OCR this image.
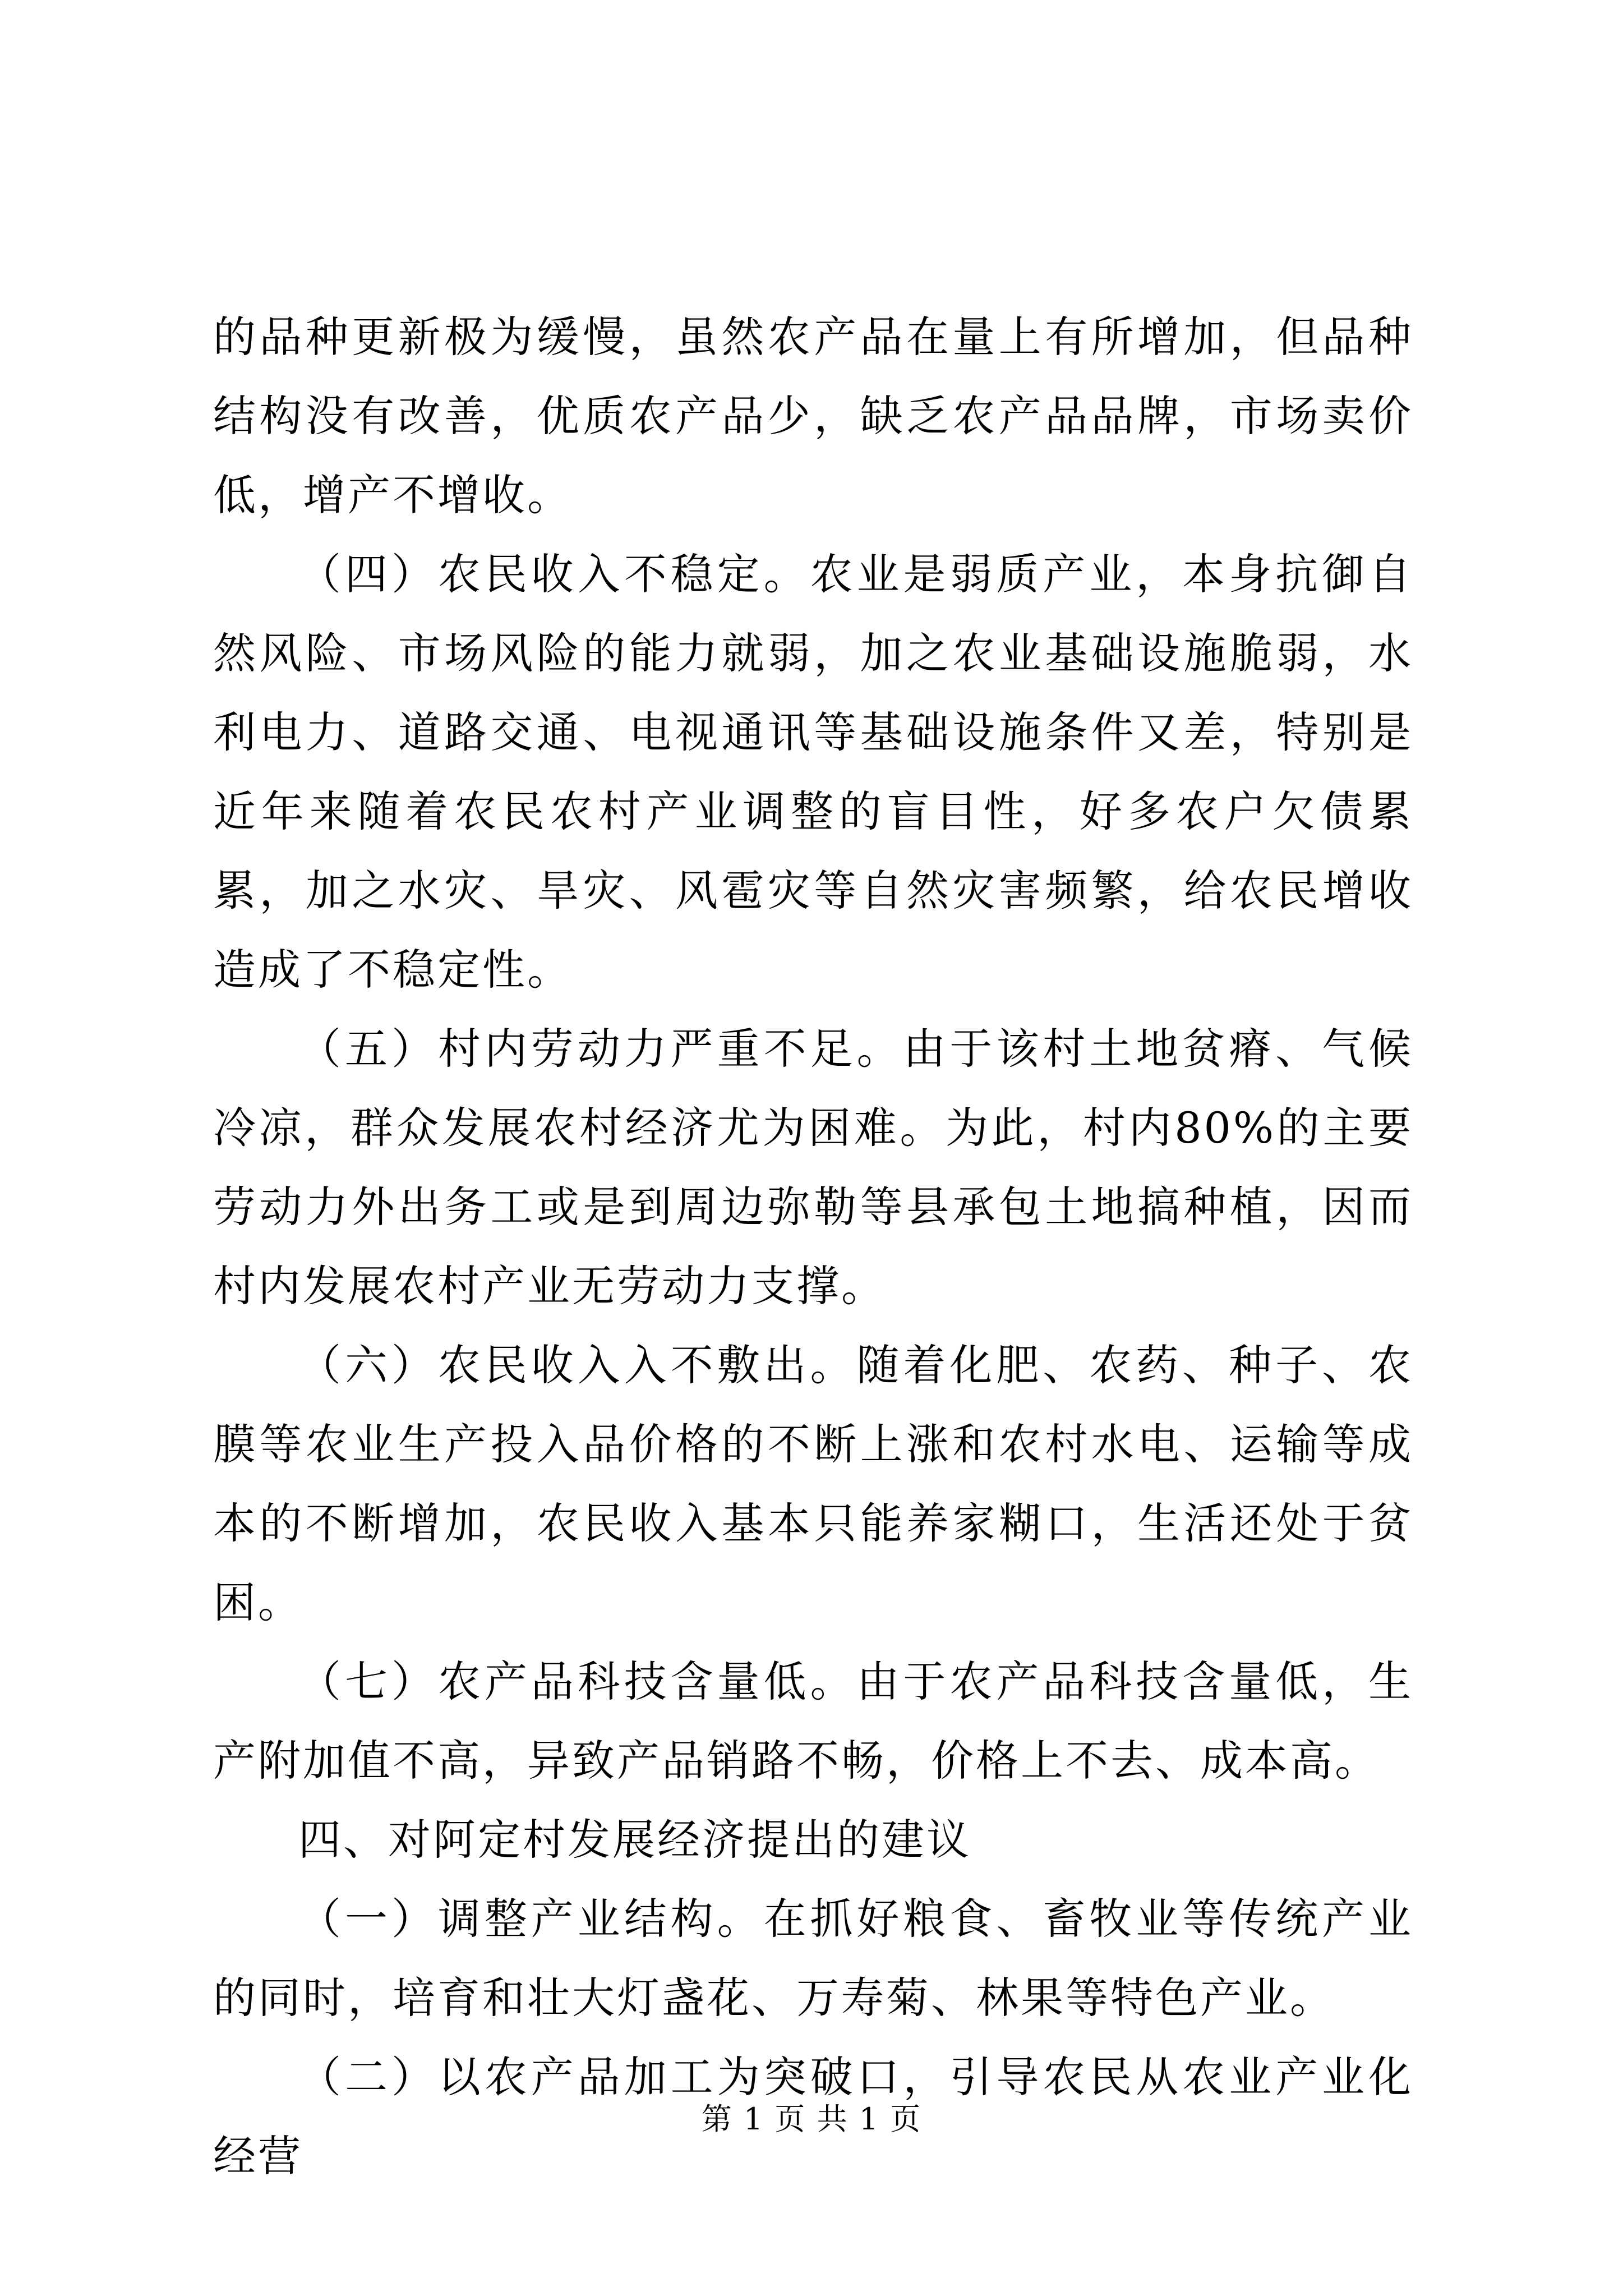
的品种更新极为缓慢，虽然农产品在量上有所增加，但品种结构没有改善，优质农产品少，缺乏农产品品牌，市场卖价低，增产不增收。

（四）农民收入不稳定。农业是弱质产业，本身抗御自然风险、市场风险的能力就弱，加之农业基础设施脆弱，水利电力、道路交通、电视通讯等基础设施条件又差，特别是近年来随着农民农村产业调整的盲目性，好多农户欠债累累，加之水灾、旱灾、风雹灾等自然灾害频繁，给农民增收造成了不稳定性。

（五）村内劳动力严重不足。由于该村土地贫瘠、气候冷凉，群众发展农村经济尤为困难。为此，村内80%的主要劳动力外出务工或是到周边弥勒等县承包土地搞种植，因而村内发展农村产业无劳动力支撑。

（六）农民收入入不敷出。随着化肥、农药、种子、农膜等农业生产投入品价格的不断上涨和农村水电、运输等成本的不断增加，农民收入基本只能养家糊口，生活还处于贫困。

（七）农产品科技含量低。由于农产品科技含量低，生产附加值不高，异致产品销路不畅，价格上不去、成本高。

四、对阿定村发展经济提出的建议

（一）调整产业结构。在抓好粮食、畜牧业等传统产业的同时，培育和壮大灯盏花、万寿菊、林果等特色产业。

（二）以农产品加工为突破口，引导农民从农业产业化经营

第 1 页 共 1 页
